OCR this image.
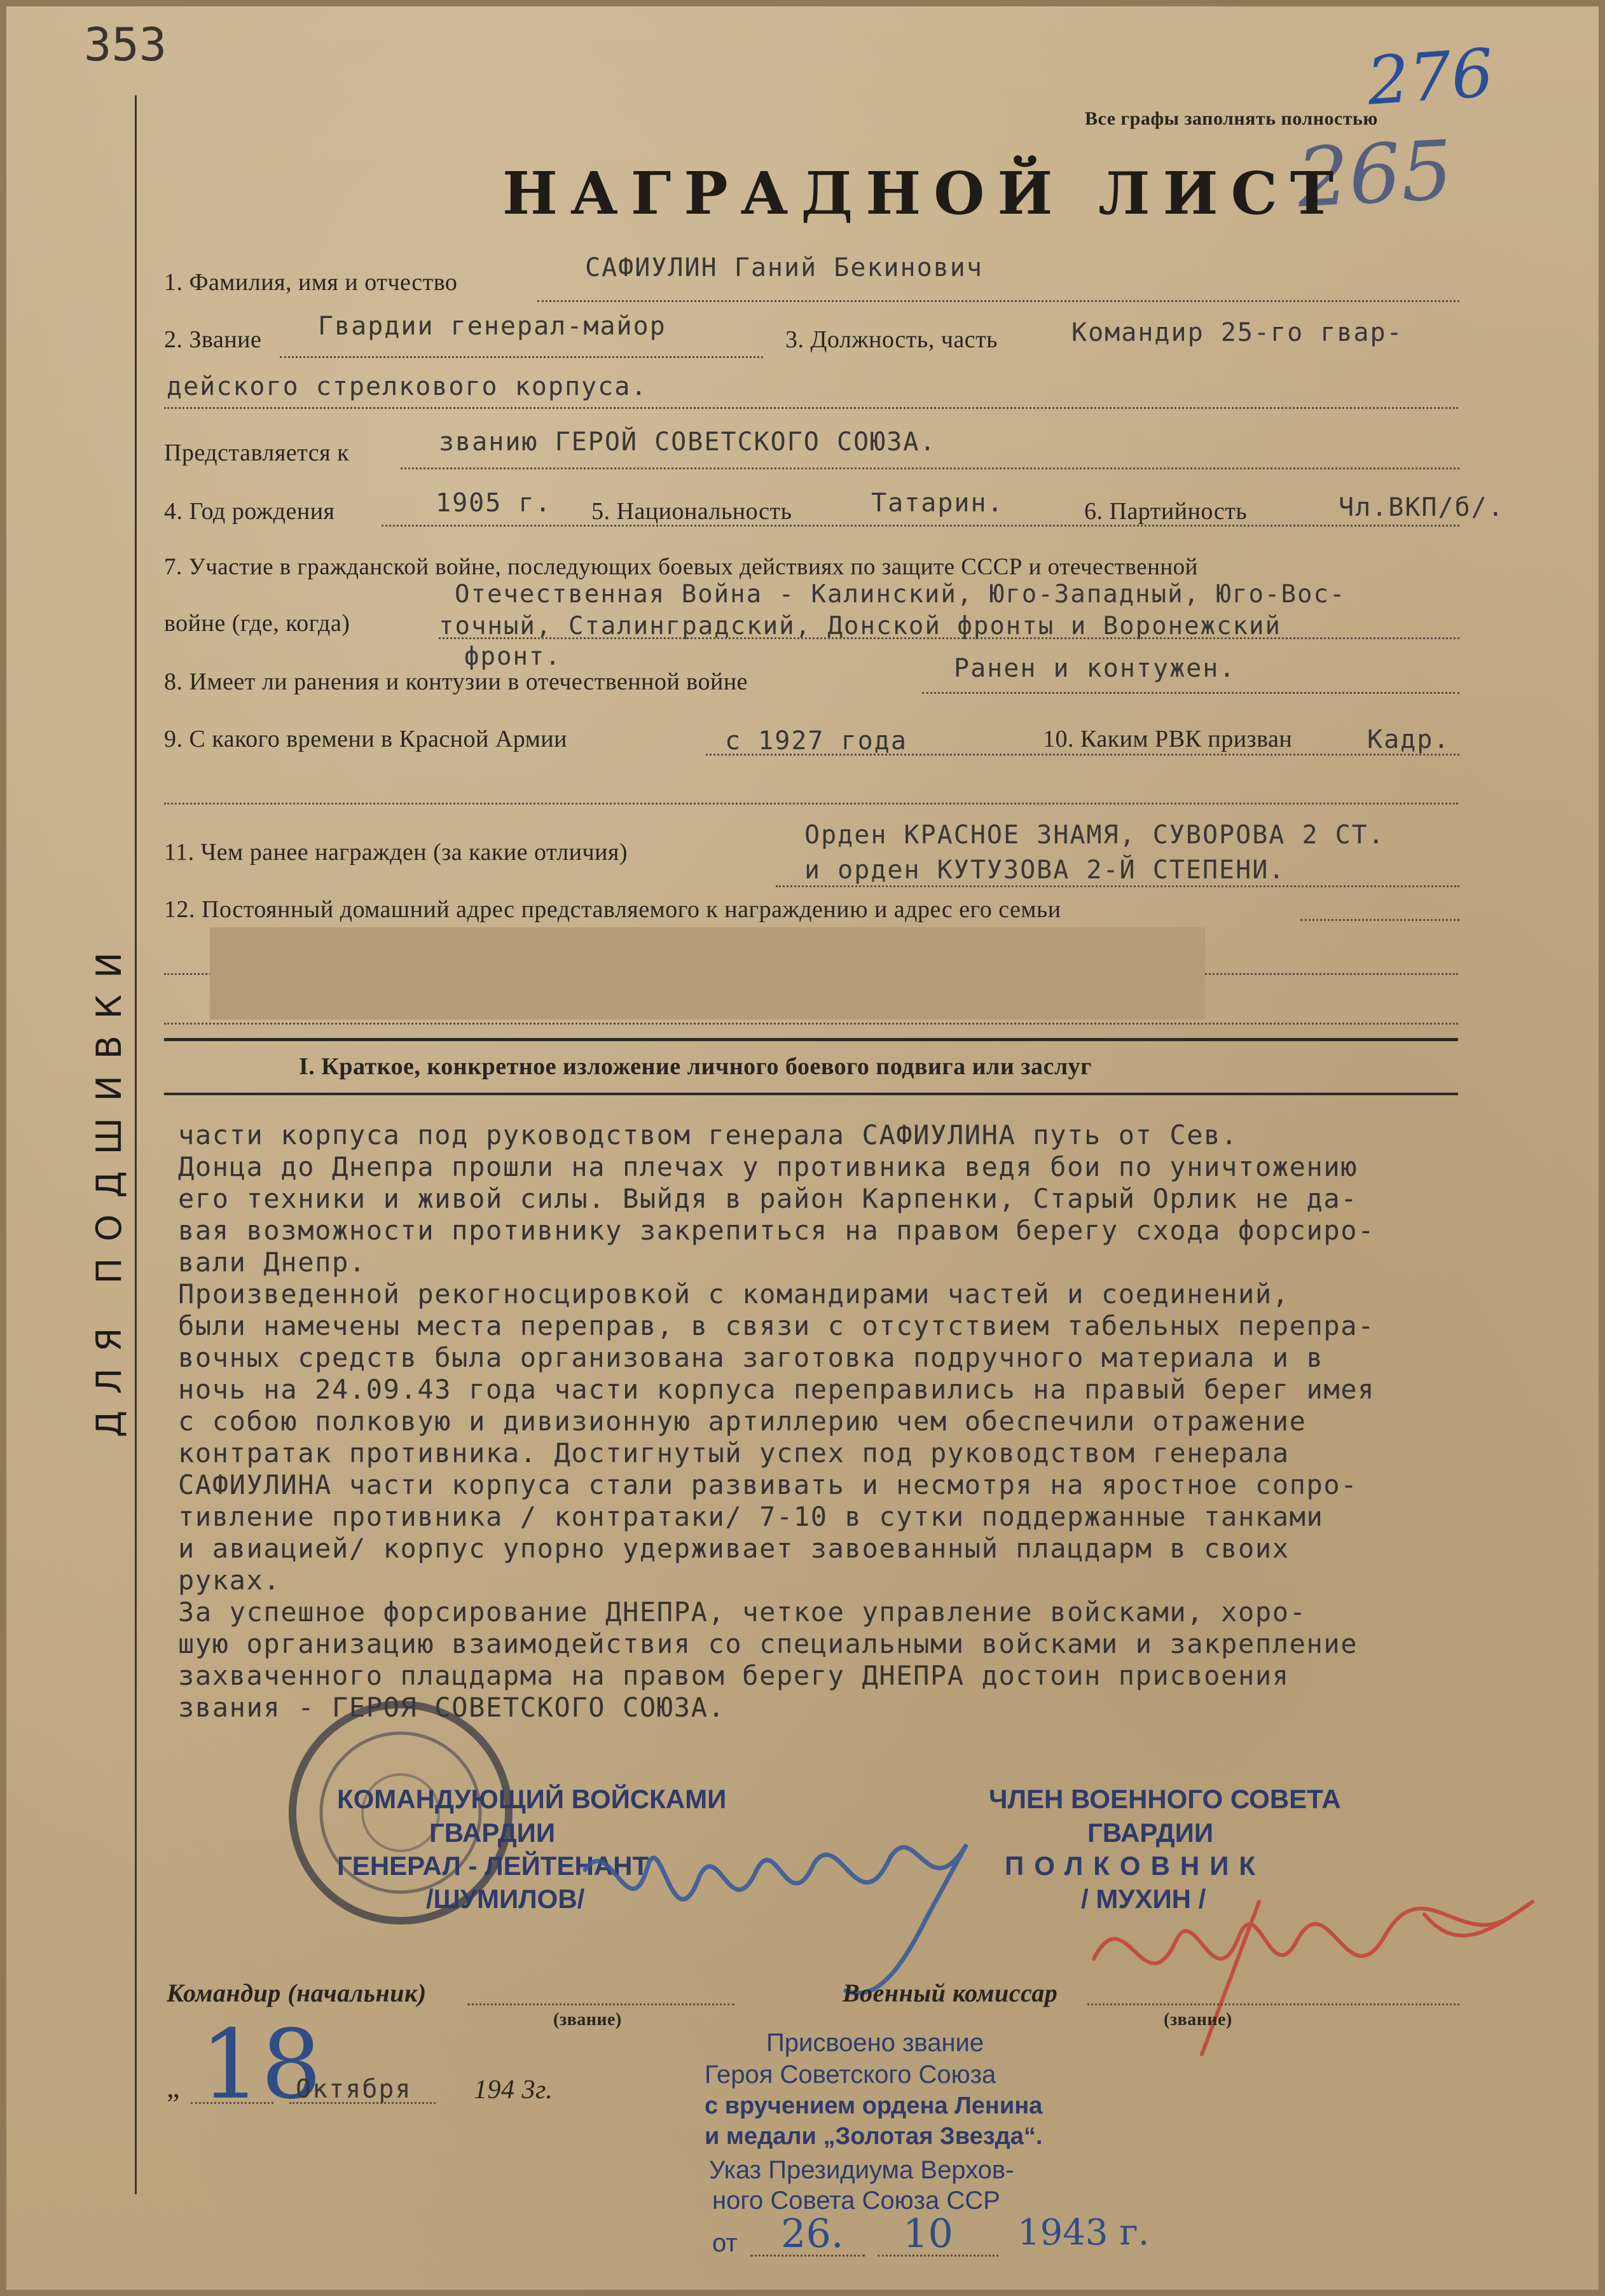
353	276
265
Все графы заполнять полностью
ДЛЯ ПОДШИВКИ
НАГРАДНОЙ ЛИСТ
1. Фамилия, имя и отчество	САФИУЛИН Ганий Бекинович
2. Звание Гвардии генерал-майор	3. Должность, часть	Командир 25-го гвар-
дейского стрелкового корпуса.
Представляется к	званию ГЕРОЙ СОВЕТСКОГО СОЮЗА.
4. Год рождения	1905 г. 5. Национальность	Татарин.	6. Партийность	Чл.ВКП/б/.
7. Участие в гражданской войне, последующих боевых действиях по защите СССР и отечественной
войне (где, когда)
Отечественная Война - Калинский, Юго-Западный, Юго-Вос-
точный, Сталинградский, Донской фронты и Воронежский
фронт.
8. Имеет ли ранения и контузии в отечественной войне	Ранен и контужен.
9. С какого времени в Красной Армии	с 1927 года	10. Каким РВК призван	Кадр.
11. Чем ранее награжден (за какие отличия)
Орден КРАСНОЕ ЗНАМЯ, СУВОРОВА 2 СТ.
и орден КУТУЗОВА 2-Й СТЕПЕНИ.
12. Постоянный домашний адрес представляемого к награждению и адрес его семьи
I. Краткое, конкретное изложение личного боевого подвига или заслуг
части корпуса под руководством генерала САФИУЛИНА путь от Сев.
Донца до Днепра прошли на плечах у противника ведя бои по уничтожению
его техники и живой силы. Выйдя в район Карпенки, Старый Орлик не да-
вая возможности противнику закрепиться на правом берегу схода форсиро-
вали Днепр.
Произведенной рекогносцировкой с командирами частей и соединений,
были намечены места переправ, в связи с отсутствием табельных перепра-
вочных средств была организована заготовка подручного материала и в
ночь на 24.09.43 года части корпуса переправились на правый берег имея
с собою полковую и дивизионную артиллерию чем обеспечили отражение
контратак противника. Достигнутый успех под руководством генерала
САФИУЛИНА части корпуса стали развивать и несмотря на яростное сопро-
тивление противника / контратаки/ 7-10 в сутки поддержанные танками
и авиацией/ корпус упорно удерживает завоеванный плацдарм в своих
руках.
За успешное форсирование ДНЕПРА, четкое управление войсками, хоро-
шую организацию взаимодействия со специальными войсками и закрепление
захваченного плацдарма на правом берегу ДНЕПРА достоин присвоения
звания - ГЕРОЯ СОВЕТСКОГО СОЮЗА.
КОМАНДУЮЩИЙ ВОЙСКАМИ
ГВАРДИИ
ГЕНЕРАЛ - ЛЕЙТЕНАНТ
/ШУМИЛОВ/
ЧЛЕН ВОЕННОГО СОВЕТА
ГВАРДИИ
ПОЛКОВНИК
/ МУХИН /
Командир (начальник)
(звание)
Военный комиссар
(звание)
„ 18
Октября 194 3г.
Присвоено звание
Героя Советского Союза
с вручением ордена Ленина
и медали „Золотая Звезда“.
Указ Президиума Верхов-
ного Совета Союза ССР
от 26. 10 1943 г.
